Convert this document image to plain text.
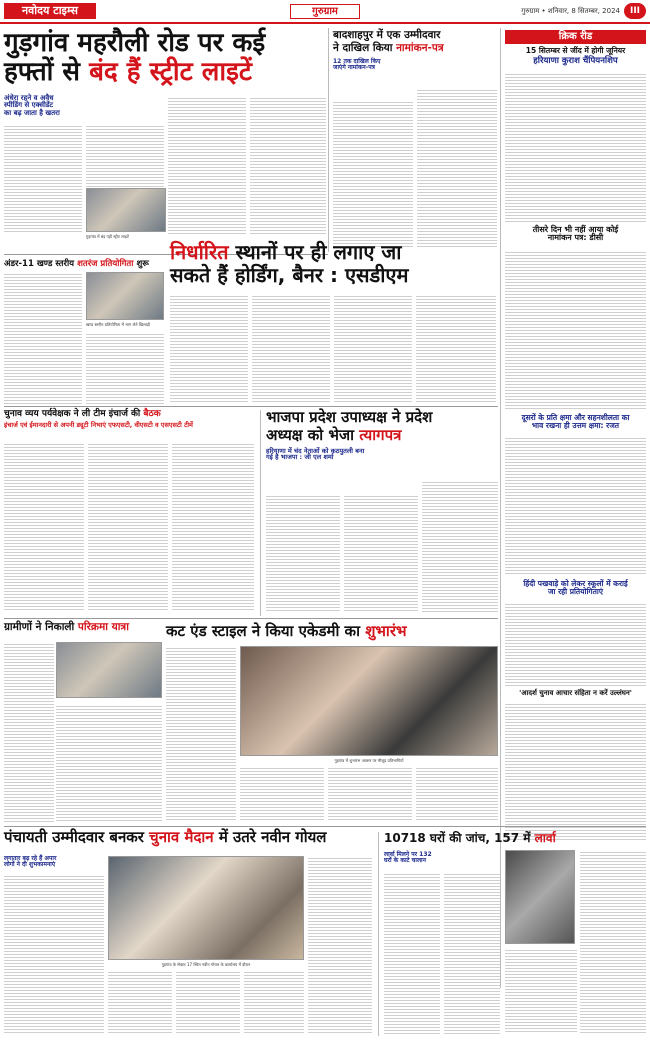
नवोदय टाइम्स	गुरुग्राम	गुरुग्राम • शनिवार, 8 सितम्बर, 2024	III
गुड़गांव महरौली रोड पर कई
हफ्तों से बंद हैं स्ट्रीट लाइटें
अंधेरा रहने व अवैध
स्पीडिंग से एक्सीडेंट
का बढ़ जाता है खतरा
गुड़गांव में बंद पड़ी स्ट्रीट लाइटें
बादशाहपुर में एक उम्मीदवार
ने दाखिल किया नामांकन-पत्र
12 तक दाखिल किए
जाएंगे नामांकन-पत्र
क्रिक रीड
15 सितम्बर से जींद में होगी जूनियर
हरियाणा कुराश चैंपियनशिप
तीसरे दिन भी नहीं आया कोई
नामांकन पत्र: डीसी
अंडर-11 खण्ड स्तरीय शतरंज प्रतियोगिता शुरू
खण्ड स्तरीय प्रतियोगिता में भाग लेते खिलाड़ी
निर्धारित स्थानों पर ही लगाए जा
सकते हैं होर्डिंग, बैनर : एसडीएम
दूसरों के प्रति क्षमा और सहनशीलता का
भाव रखना ही उत्तम क्षमा: रजत
चुनाव व्यय पर्यवेक्षक ने ली टीम इंचार्ज की बैठक
इंचार्ज एवं ईमानदारी से अपनी ड्यूटी निभाएं एफएसटी, वीएसटी व एसएसटी टीमें	भाजपा प्रदेश उपाध्यक्ष ने प्रदेश
अध्यक्ष को भेजा त्यागपत्र
हरियाणा में चंद नेताओं को कठपुतली बना
गई है भाजपा : जी एल शर्मा
हिंदी पखवाड़े को लेकर स्कूलों में कराई
जा रही प्रतियोगिताएं
'आदर्श चुनाव आचार संहिता न करें उल्लंघन'
ग्रामीणों ने निकाली परिक्रमा यात्रा	कट एंड स्टाइल ने किया एकेडमी का शुभारंभ
गुड़गांव में शुभारंभ अवसर पर मौजूद प्रतिभागियों
पंचायती उम्मीदवार बनकर चुनाव मैदान में उतरे नवीन गोयल
लगातार बढ़ रहे हैं अपार
लोगों ने दी शुभकामनाएं
गुड़गांव के सेक्टर 17 स्थित नवीन गोयल के कार्यालय में दौरान
10718 घरों की जांच, 157 में लार्वा
लार्वा मिलने पर 132
घरों के काटे चालान
